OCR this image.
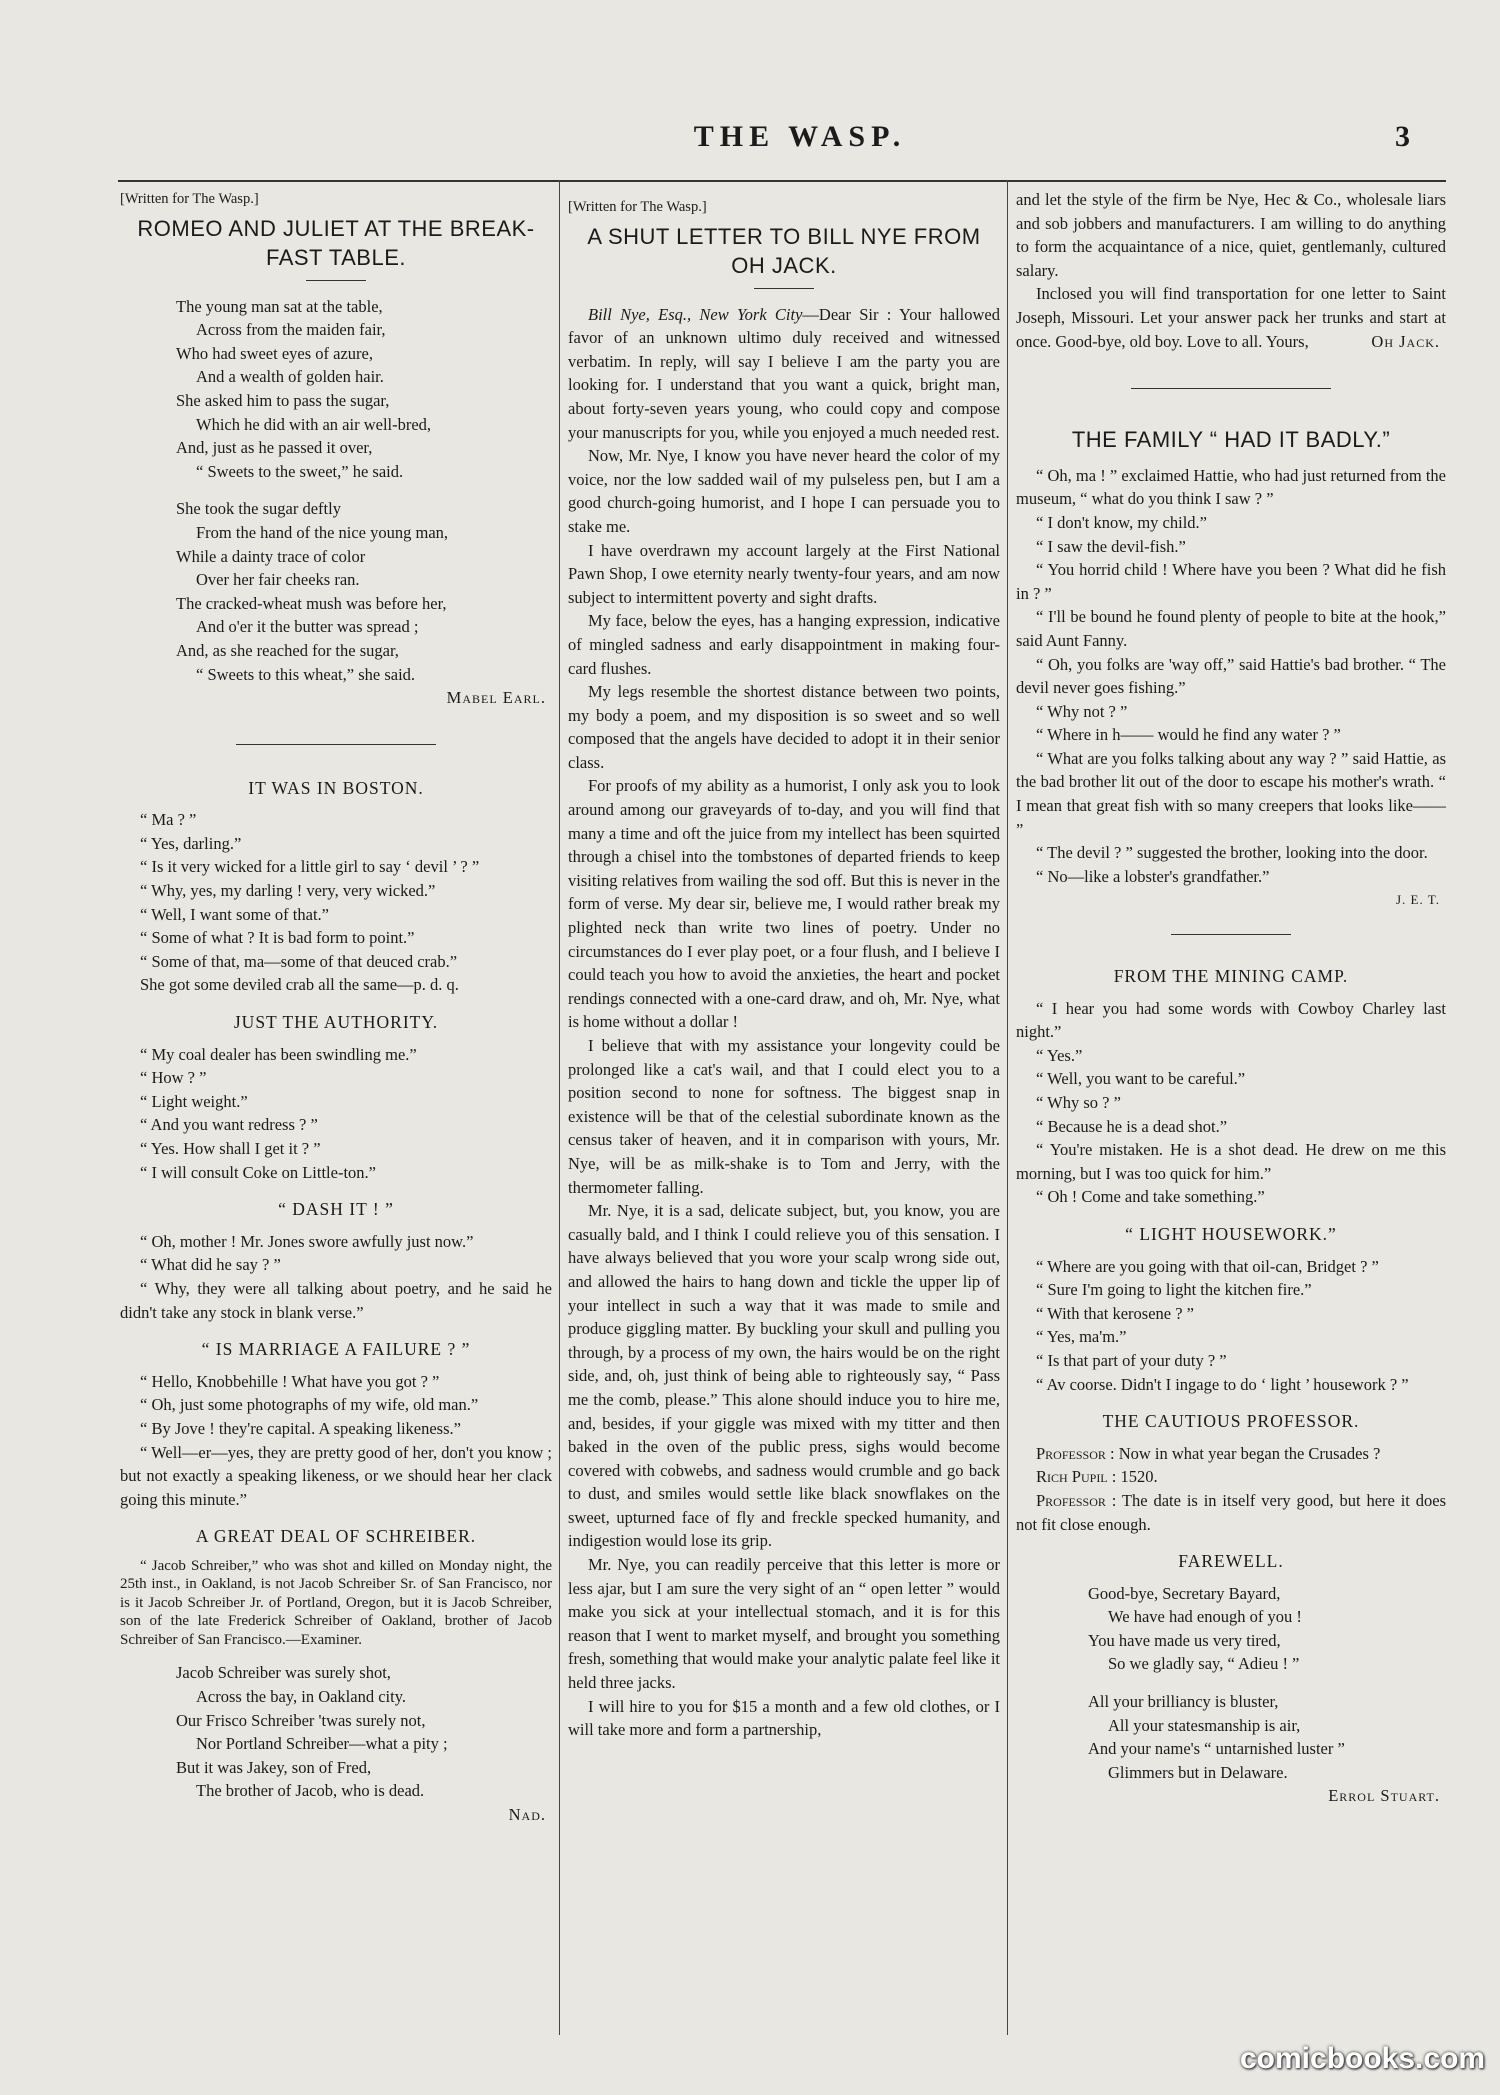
THE WASP.	3

[Written for The Wasp.]

ROMEO AND JULIET AT THE BREAK-FAST TABLE.
The young man sat at the table,
Across from the maiden fair,
Who had sweet eyes of azure,
And a wealth of golden hair.
She asked him to pass the sugar,
Which he did with an air well-bred,
And, just as he passed it over,
“ Sweets to the sweet,” he said.
She took the sugar deftly
From the hand of the nice young man,
While a dainty trace of color
Over her fair cheeks ran.
The cracked-wheat mush was before her,
And o'er it the butter was spread ;
And, as she reached for the sugar,
“ Sweets to this wheat,” she said.

Mabel Earl.

IT WAS IN BOSTON.

“ Ma ? ”

“ Yes, darling.”

“ Is it very wicked for a little girl to say ‘ devil ’ ? ”

“ Why, yes, my darling ! very, very wicked.”

“ Well, I want some of that.”

“ Some of what ? It is bad form to point.”

“ Some of that, ma—some of that deuced crab.”

She got some deviled crab all the same—p. d. q.

JUST THE AUTHORITY.

“ My coal dealer has been swindling me.”

“ How ? ”

“ Light weight.”

“ And you want redress ? ”

“ Yes. How shall I get it ? ”

“ I will consult Coke on Little-ton.”

“ DASH IT ! ”

“ Oh, mother ! Mr. Jones swore awfully just now.”

“ What did he say ? ”

“ Why, they were all talking about poetry, and he said he didn't take any stock in blank verse.”

“ IS MARRIAGE A FAILURE ? ”

“ Hello, Knobbehille ! What have you got ? ”

“ Oh, just some photographs of my wife, old man.”

“ By Jove ! they're capital. A speaking likeness.”

“ Well—er—yes, they are pretty good of her, don't you know ; but not exactly a speaking likeness, or we should hear her clack going this minute.”

A GREAT DEAL OF SCHREIBER.

“ Jacob Schreiber,” who was shot and killed on Monday night, the 25th inst., in Oakland, is not Jacob Schreiber Sr. of San Francisco, nor is it Jacob Schreiber Jr. of Portland, Oregon, but it is Jacob Schreiber, son of the late Frederick Schreiber of Oakland, brother of Jacob Schreiber of San Francisco.—Examiner.

Jacob Schreiber was surely shot,
Across the bay, in Oakland city.
Our Frisco Schreiber 'twas surely not,
Nor Portland Schreiber—what a pity ;
But it was Jakey, son of Fred,
The brother of Jacob, who is dead.

Nad.

[Written for The Wasp.]

A SHUT LETTER TO BILL NYE FROM OH JACK.

Bill Nye, Esq., New York City—Dear Sir : Your hallowed favor of an unknown ultimo duly received and witnessed verbatim. In reply, will say I believe I am the party you are looking for. I understand that you want a quick, bright man, about forty-seven years young, who could copy and compose your manuscripts for you, while you enjoyed a much needed rest.

Now, Mr. Nye, I know you have never heard the color of my voice, nor the low sadded wail of my pulseless pen, but I am a good church-going humorist, and I hope I can persuade you to stake me.

I have overdrawn my account largely at the First National Pawn Shop, I owe eternity nearly twenty-four years, and am now subject to intermittent poverty and sight drafts.

My face, below the eyes, has a hanging expression, indicative of mingled sadness and early disappointment in making four-card flushes.

My legs resemble the shortest distance between two points, my body a poem, and my disposition is so sweet and so well composed that the angels have decided to adopt it in their senior class.

For proofs of my ability as a humorist, I only ask you to look around among our graveyards of to-day, and you will find that many a time and oft the juice from my intellect has been squirted through a chisel into the tombstones of departed friends to keep visiting relatives from wailing the sod off. But this is never in the form of verse. My dear sir, believe me, I would rather break my plighted neck than write two lines of poetry. Under no circumstances do I ever play poet, or a four flush, and I believe I could teach you how to avoid the anxieties, the heart and pocket rendings connected with a one-card draw, and oh, Mr. Nye, what is home without a dollar !

I believe that with my assistance your longevity could be prolonged like a cat's wail, and that I could elect you to a position second to none for softness. The biggest snap in existence will be that of the celestial subordinate known as the census taker of heaven, and it in comparison with yours, Mr. Nye, will be as milk-shake is to Tom and Jerry, with the thermometer falling.

Mr. Nye, it is a sad, delicate subject, but, you know, you are casually bald, and I think I could relieve you of this sensation. I have always believed that you wore your scalp wrong side out, and allowed the hairs to hang down and tickle the upper lip of your intellect in such a way that it was made to smile and produce giggling matter. By buckling your skull and pulling you through, by a process of my own, the hairs would be on the right side, and, oh, just think of being able to righteously say, “ Pass me the comb, please.” This alone should induce you to hire me, and, besides, if your giggle was mixed with my titter and then baked in the oven of the public press, sighs would become covered with cobwebs, and sadness would crumble and go back to dust, and smiles would settle like black snowflakes on the sweet, upturned face of fly and freckle specked humanity, and indigestion would lose its grip.

Mr. Nye, you can readily perceive that this letter is more or less ajar, but I am sure the very sight of an “ open letter ” would make you sick at your intellectual stomach, and it is for this reason that I went to market myself, and brought you something fresh, something that would make your analytic palate feel like it held three jacks.

I will hire to you for $15 a month and a few old clothes, or I will take more and form a partnership,

and let the style of the firm be Nye, Hec & Co., wholesale liars and sob jobbers and manufacturers. I am willing to do anything to form the acquaintance of a nice, quiet, gentlemanly, cultured salary.

Inclosed you will find transportation for one letter to Saint Joseph, Missouri. Let your answer pack her trunks and start at once. Good-bye, old boy. Love to all. Yours,	Oh Jack.

THE FAMILY “ HAD IT BADLY.”

“ Oh, ma ! ” exclaimed Hattie, who had just returned from the museum, “ what do you think I saw ? ”

“ I don't know, my child.”

“ I saw the devil-fish.”

“ You horrid child ! Where have you been ? What did he fish in ? ”

“ I'll be bound he found plenty of people to bite at the hook,” said Aunt Fanny.

“ Oh, you folks are 'way off,” said Hattie's bad brother. “ The devil never goes fishing.”

“ Why not ? ”

“ Where in h—— would he find any water ? ”

“ What are you folks talking about any way ? ” said Hattie, as the bad brother lit out of the door to escape his mother's wrath. “ I mean that great fish with so many creepers that looks like—— ”

“ The devil ? ” suggested the brother, looking into the door.

“ No—like a lobster's grandfather.”

J. E. T.

FROM THE MINING CAMP.

“ I hear you had some words with Cowboy Charley last night.”

“ Yes.”

“ Well, you want to be careful.”

“ Why so ? ”

“ Because he is a dead shot.”

“ You're mistaken. He is a shot dead. He drew on me this morning, but I was too quick for him.”

“ Oh ! Come and take something.”

“ LIGHT HOUSEWORK.”

“ Where are you going with that oil-can, Bridget ? ”

“ Sure I'm going to light the kitchen fire.”

“ With that kerosene ? ”

“ Yes, ma'm.”

“ Is that part of your duty ? ”

“ Av coorse. Didn't I ingage to do ‘ light ’ housework ? ”

THE CAUTIOUS PROFESSOR.

Professor : Now in what year began the Crusades ?

Rich Pupil : 1520.

Professor : The date is in itself very good, but here it does not fit close enough.

FAREWELL.
Good-bye, Secretary Bayard,
We have had enough of you !
You have made us very tired,
So we gladly say, “ Adieu ! ”
All your brilliancy is bluster,
All your statesmanship is air,
And your name's “ untarnished luster ”
Glimmers but in Delaware.

Errol Stuart.

comicbooks.com
